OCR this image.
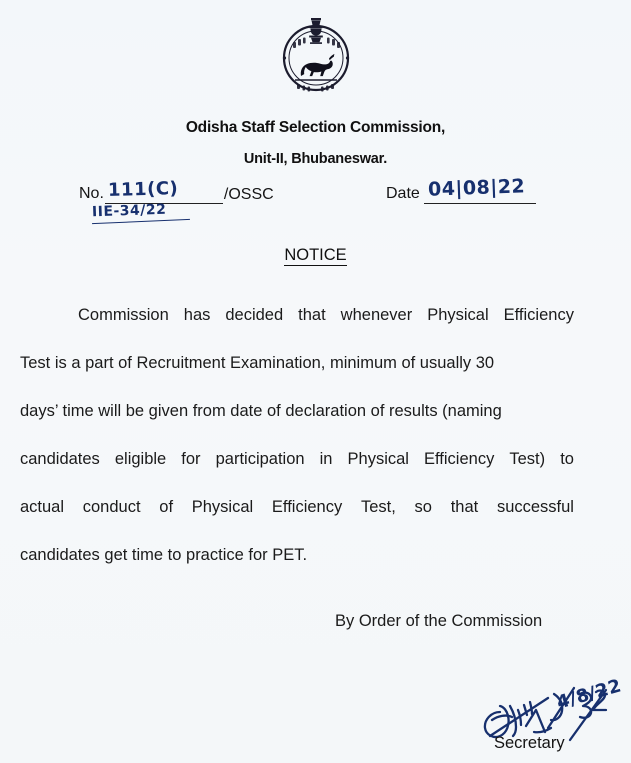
Odisha Staff Selection Commission,
Unit-II, Bhubaneswar.
No. 111(C)	/OSSC	Date 04|08|22
IIE-34/22
NOTICE
Commission has decided that whenever Physical Efficiency
Test is a part of Recruitment Examination, minimum of usually 30
days’ time will be given from date of declaration of results (naming
candidates eligible for participation in Physical Efficiency Test) to
actual conduct of Physical Efficiency Test, so that successful
candidates get time to practice for PET.
By Order of the Commission
4/8/22
Secretary
